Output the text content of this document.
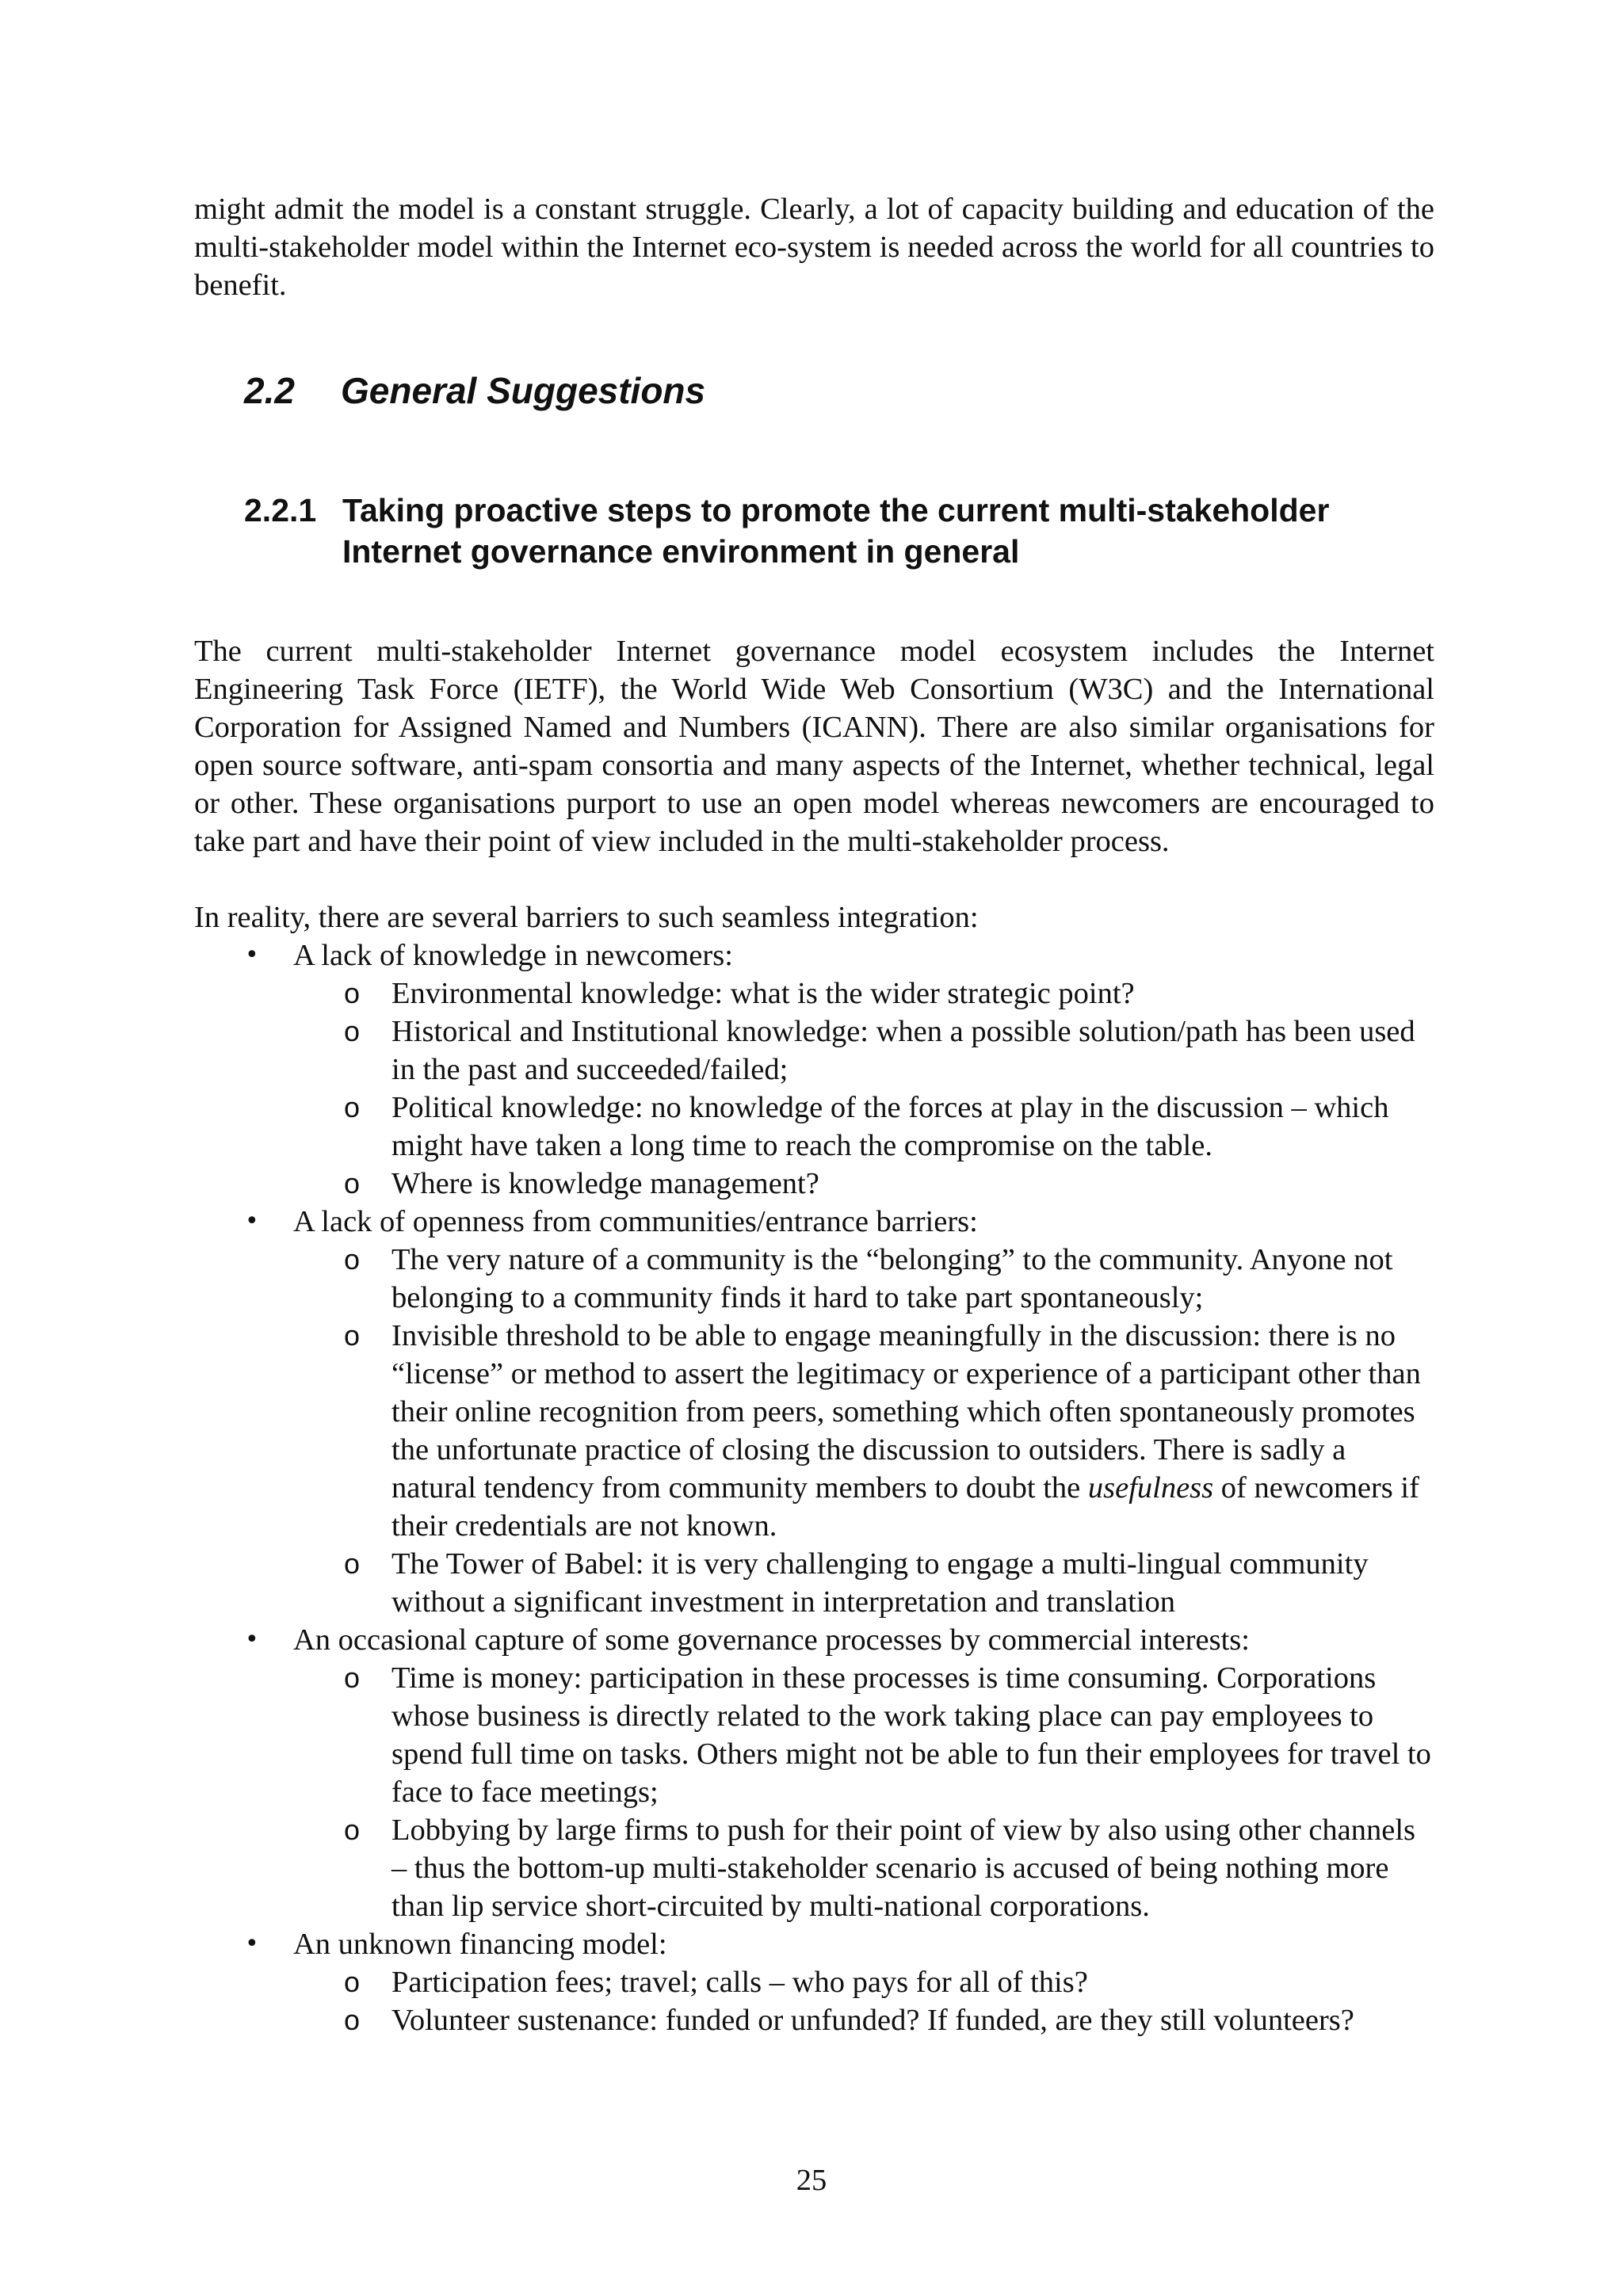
might admit the model is a constant struggle. Clearly, a lot of capacity building and education of the multi-stakeholder model within the Internet eco-system is needed across the world for all countries to benefit.

2.2	General Suggestions
2.2.1 Taking proactive steps to promote the current multi-stakeholder Internet governance environment in general

The current multi-stakeholder Internet governance model ecosystem includes the Internet Engineering Task Force (IETF), the World Wide Web Consortium (W3C) and the International Corporation for Assigned Named and Numbers (ICANN). There are also similar organisations for open source software, anti-spam consortia and many aspects of the Internet, whether technical, legal or other. These organisations purport to use an open model whereas newcomers are encouraged to take part and have their point of view included in the multi-stakeholder process.

In reality, there are several barriers to such seamless integration:

•	A lack of knowledge in newcomers:
o Environmental knowledge: what is the wider strategic point?
o Historical and Institutional knowledge: when a possible solution/path has been used in the past and succeeded/failed;
o Political knowledge: no knowledge of the forces at play in the discussion – which might have taken a long time to reach the compromise on the table.
o Where is knowledge management?
•	A lack of openness from communities/entrance barriers:
o The very nature of a community is the “belonging” to the community. Anyone not belonging to a community finds it hard to take part spontaneously;
o Invisible threshold to be able to engage meaningfully in the discussion: there is no “license” or method to assert the legitimacy or experience of a participant other than their online recognition from peers, something which often spontaneously promotes the unfortunate practice of closing the discussion to outsiders. There is sadly a natural tendency from community members to doubt the usefulness of newcomers if their credentials are not known.
o The Tower of Babel: it is very challenging to engage a multi-lingual community without a significant investment in interpretation and translation
•	An occasional capture of some governance processes by commercial interests:
o Time is money: participation in these processes is time consuming. Corporations whose business is directly related to the work taking place can pay employees to spend full time on tasks. Others might not be able to fun their employees for travel to face to face meetings;
o Lobbying by large firms to push for their point of view by also using other channels – thus the bottom-up multi-stakeholder scenario is accused of being nothing more than lip service short-circuited by multi-national corporations.
•	An unknown financing model:
o Participation fees; travel; calls – who pays for all of this?
o Volunteer sustenance: funded or unfunded? If funded, are they still volunteers?
25
